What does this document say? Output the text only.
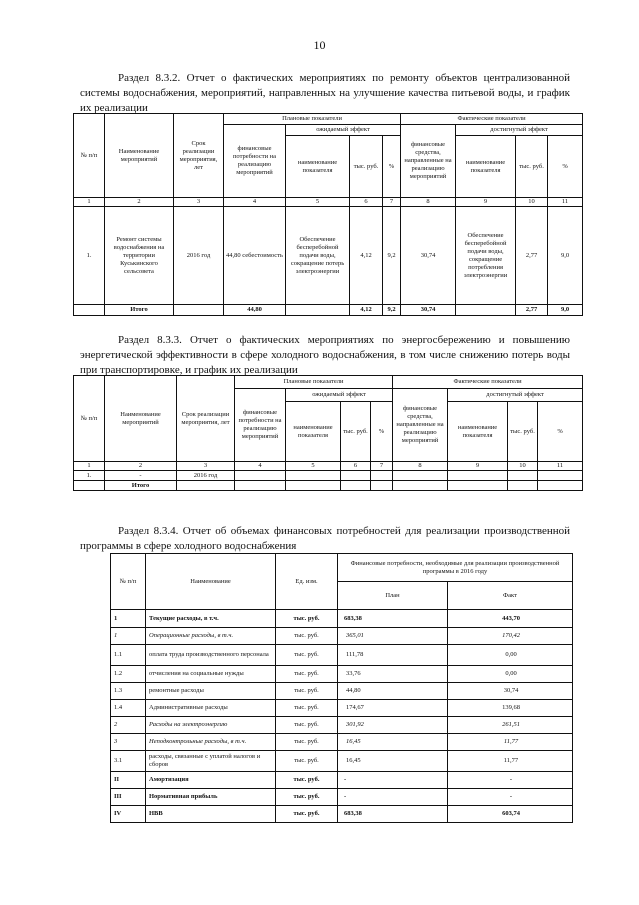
10
Раздел 8.3.2. Отчет о фактических мероприятиях по ремонту объектов централизованной системы водоснабжения, мероприятий, направленных на улучшение качества питьевой воды, и график их реализации
№ п/п	Наименование мероприятий	Срок реализации мероприятия, лет	Плановые показатели				Фактические показатели			
			финансовые потребности на реализацию мероприятий	ожидаемый эффект			финансовые средства, направленные на реализацию мероприятий	достигнутый эффект		
				наименование показателя	тыс. руб.	%		наименование показателя	тыс. руб.	%
1	2	3	4	5	6	7	8	9	10	11
1.	Ремонт системы водоснабжения на территории Куськинского сельсовета	2016 год	44,80 себестоимость	Обеспечение бесперебойной подачи воды, сокращение потерь электроэнергии	4,12	9,2	30,74	Обеспечение бесперебойной подачи воды, сокращение потребления электроэнергии	2,77	9,0
	Итого		44,80		4,12	9,2	30,74		2,77	9,0
Раздел 8.3.3. Отчет о фактических мероприятиях по энергосбережению и повышению энергетической эффективности в сфере холодного водоснабжения, в том числе снижению потерь воды при транспортировке, и график их реализации
№ п/п	Наименование мероприятий	Срок реализации мероприятия, лет	Плановые показатели				Фактические показатели			
			финансовые потребности на реализацию мероприятий	ожидаемый эффект			финансовые средства, направленные на реализацию мероприятий	достигнутый эффект		
				наименование показателя	тыс. руб.	%		наименование показателя	тыс. руб.	%
1	2	3	4	5	6	7	8	9	10	11
1.	-	2016 год								
	Итого									
Раздел 8.3.4. Отчет об объемах финансовых потребностей для реализации производственной программы в сфере холодного водоснабжения
№ п/п	Наименование	Ед. изм.	Финансовые потребности, необходимые для реализации производственной программы в 2016 году	
			План	Факт
1	Текущие расходы, в т.ч.	тыс. руб.	683,38	443,70
1	Операционные расходы, в т.ч.	тыс. руб.	365,01	170,42
1.1	оплата труда производственного персонала	тыс. руб.	111,78	0,00
1.2	отчисления на социальные нужды	тыс. руб.	33,76	0,00
1.3	ремонтные расходы	тыс. руб.	44,80	30,74
1.4	Административные расходы	тыс. руб.	174,67	139,68
2	Расходы на электроэнергию	тыс. руб.	301,92	261,51
3	Неподконтрольные расходы, в т.ч.	тыс. руб.	16,45	11,77
3.1	расходы, связанные с уплатой налогов и сборов	тыс. руб.	16,45	11,77
II	Амортизация	тыс. руб.	-	-
III	Нормативная прибыль	тыс. руб.	-	-
IV	НВВ	тыс. руб.	683,38	603,74
